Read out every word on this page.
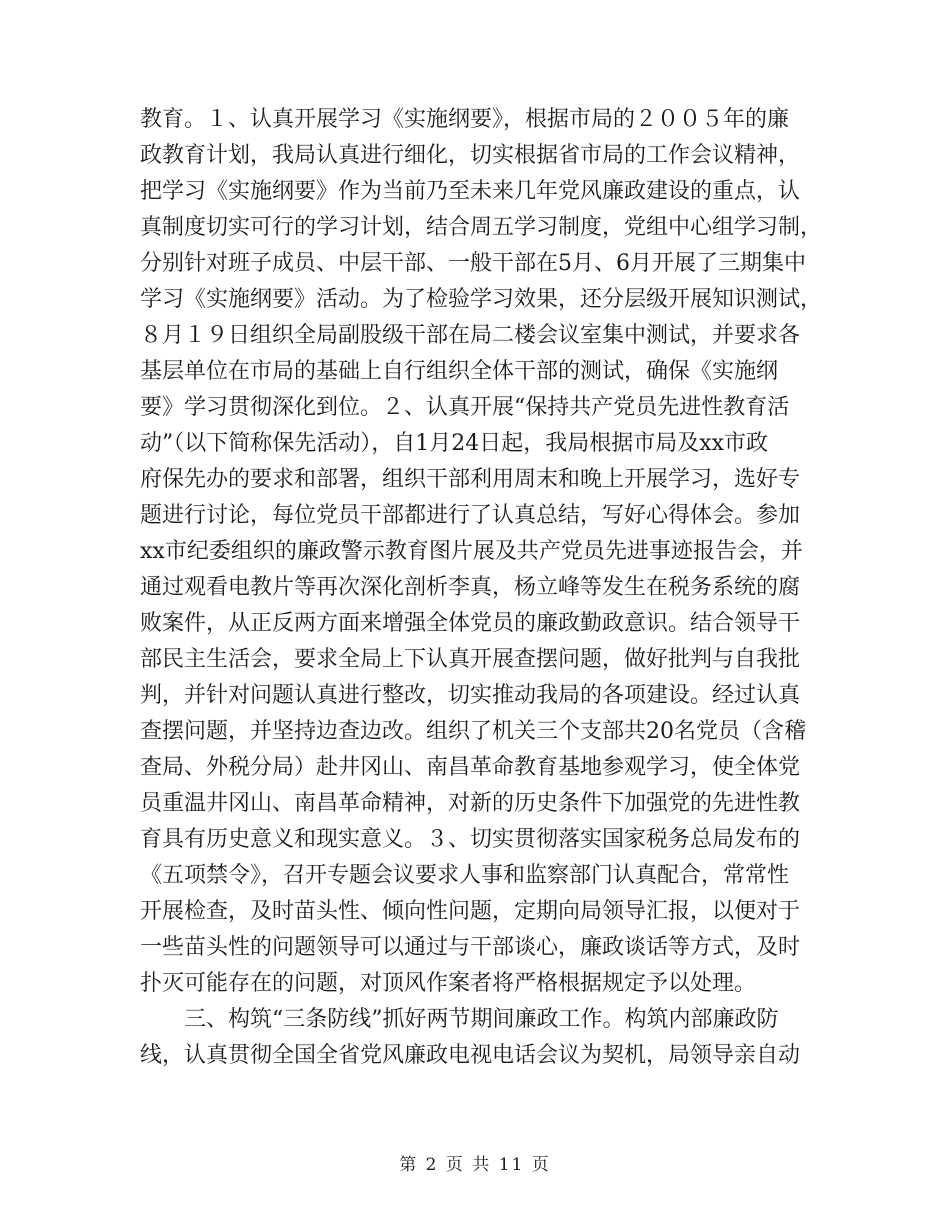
教育。１、认真开展学习《实施纲要》，根据市局的２００５年的廉
政教育计划，我局认真进行细化，切实根据省市局的工作会议精神，
把学习《实施纲要》作为当前乃至未来几年党风廉政建设的重点，认
真制度切实可行的学习计划，结合周五学习制度，党组中心组学习制，
分别针对班子成员、中层干部、一般干部在5月、6月开展了三期集中
学习《实施纲要》活动。为了检验学习效果，还分层级开展知识测试，
８月１９日组织全局副股级干部在局二楼会议室集中测试，并要求各
基层单位在市局的基础上自行组织全体干部的测试，确保《实施纲
要》学习贯彻深化到位。２、认真开展“保持共产党员先进性教育活
动”（以下简称保先活动），自1月24日起，我局根据市局及xx市政
府保先办的要求和部署，组织干部利用周末和晚上开展学习，选好专
题进行讨论，每位党员干部都进行了认真总结，写好心得体会。参加
xx市纪委组织的廉政警示教育图片展及共产党员先进事迹报告会，并
通过观看电教片等再次深化剖析李真，杨立峰等发生在税务系统的腐
败案件，从正反两方面来增强全体党员的廉政勤政意识。结合领导干
部民主生活会，要求全局上下认真开展查摆问题，做好批判与自我批
判，并针对问题认真进行整改，切实推动我局的各项建设。经过认真
查摆问题，并坚持边查边改。组织了机关三个支部共20名党员（含稽
查局、外税分局）赴井冈山、南昌革命教育基地参观学习，使全体党
员重温井冈山、南昌革命精神，对新的历史条件下加强党的先进性教
育具有历史意义和现实意义。３、切实贯彻落实国家税务总局发布的
《五项禁令》，召开专题会议要求人事和监察部门认真配合，常常性
开展检查，及时苗头性、倾向性问题，定期向局领导汇报，以便对于
一些苗头性的问题领导可以通过与干部谈心，廉政谈话等方式，及时
扑灭可能存在的问题，对顶风作案者将严格根据规定予以处理。
　　三、构筑“三条防线”抓好两节期间廉政工作。构筑内部廉政防
线，认真贯彻全国全省党风廉政电视电话会议为契机，局领导亲自动
第 2 页 共 11 页
